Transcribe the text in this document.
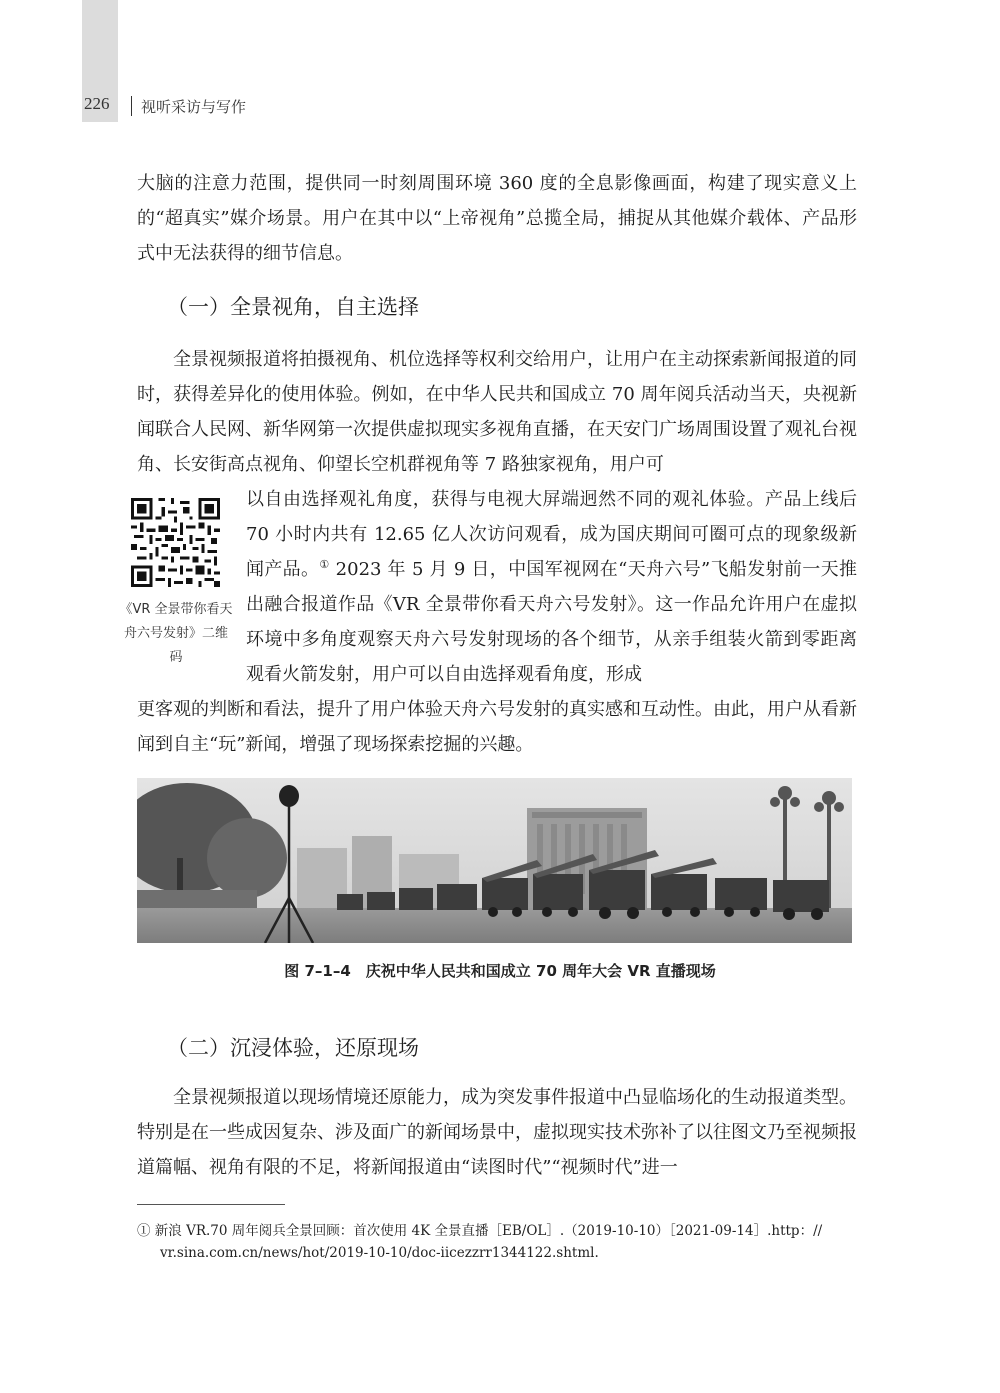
226 视听采访与写作

大脑的注意力范围，提供同一时刻周围环境 360 度的全息影像画面，构建了现实意义上的“超真实”媒介场景。用户在其中以“上帝视角”总揽全局，捕捉从其他媒介载体、产品形式中无法获得的细节信息。

（一）全景视角，自主选择

全景视频报道将拍摄视角、机位选择等权利交给用户，让用户在主动探索新闻报道的同时，获得差异化的使用体验。例如，在中华人民共和国成立 70 周年阅兵活动当天，央视新闻联合人民网、新华网第一次提供虚拟现实多视角直播，在天安门广场周围设置了观礼台视角、长安街高点视角、仰望长空机群视角等 7 路独家视角，用户可

《VR 全景带你看天舟六号发射》二维码

以自由选择观礼角度，获得与电视大屏端迥然不同的观礼体验。产品上线后 70 小时内共有 12.65 亿人次访问观看，成为国庆期间可圈可点的现象级新闻产品。① 2023 年 5 月 9 日，中国军视网在“天舟六号”飞船发射前一天推出融合报道作品《VR 全景带你看天舟六号发射》。这一作品允许用户在虚拟环境中多角度观察天舟六号发射现场的各个细节，从亲手组装火箭到零距离观看火箭发射，用户可以自由选择观看角度，形成

更客观的判断和看法，提升了用户体验天舟六号发射的真实感和互动性。由此，用户从看新闻到自主“玩”新闻，增强了现场探索挖掘的兴趣。

图 7–1–4　庆祝中华人民共和国成立 70 周年大会 VR 直播现场
（二）沉浸体验，还原现场

全景视频报道以现场情境还原能力，成为突发事件报道中凸显临场化的生动报道类型。特别是在一些成因复杂、涉及面广的新闻场景中，虚拟现实技术弥补了以往图文乃至视频报道篇幅、视角有限的不足，将新闻报道由“读图时代”“视频时代”进一

① 新浪 VR.70 周年阅兵全景回顾：首次使用 4K 全景直播［EB/OL］.（2019-10-10）［2021-09-14］.http：//
vr.sina.com.cn/news/hot/2019-10-10/doc-iicezzrr1344122.shtml.
